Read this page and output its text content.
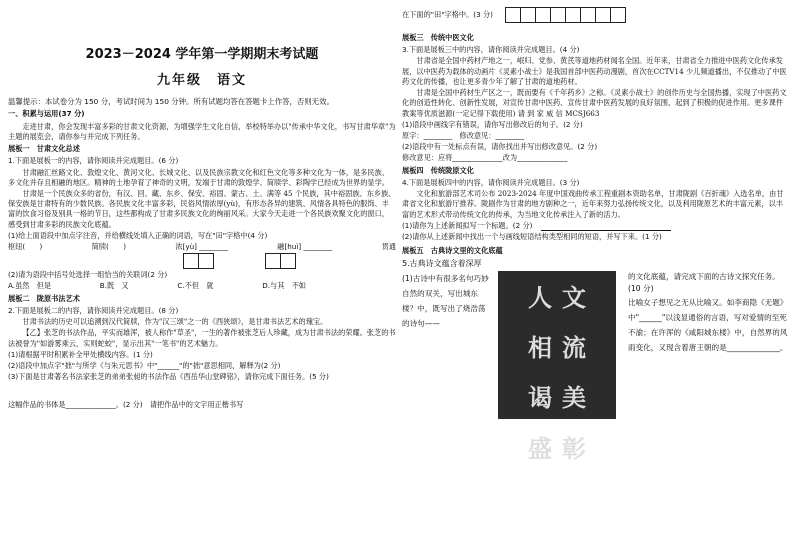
2023－2024 学年第一学期期末考试题
九年级　语文
温馨提示：本试卷分为 150 分，考试时间为 150 分钟。所有试题均答在答题卡上作答，否则无效。
一、积累与运用(37 分)
走进甘肃，你会发现丰富多彩的甘肃文化资源，为增强学生文化自信，举校特举办以"传承中华文化，书写甘肃华章"为主题的展览会，请你参与并完成下列任务。
展板一　甘肃文化总述
1.下面是展板一的内容，请你阅读并完成题目。(6 分)
甘肃融汇丝路文化、敦煌文化、黄河文化、长城文化、以及民族宗教文化和红色文化等多种文化为一体，是多民族、多文化并存且相融的地区。精神的土地孕育了神奇的文明，发端于甘肃的敦煌学、简牍学、彩陶学已经成为世界的显学。
甘肃是一个民族众多的省份，有汉、回、藏、东乡、保安、裕固、蒙古、土、满等 45 个民族，其中裕固族、东乡族、保安族是甘肃特有的少数民族。各民族文化丰富多彩，民俗风情浓厚(yù)，有形态各异的建筑、风情各具特色的服饰、丰富的饮食习俗及别具一格的节日，这些都构成了甘肃多民族文化的绚丽风采。大家今天走进一个各民族欢聚文化的窗口，感受到甘肃多彩的民族文化底蕴。
(1)给上面语段中加点字注音，并给横线处填入正确的词语，写在"田"字格中(4 分)
枢纽(　　)	简牍(　　)	浓[yù] ________	融[huì] ________	贯通

(2)请为语段中括号处选择一组恰当的关联词(2 分)
A.虽然　但是	B.既　又	C.不但　就	D.与其　不如
展板二　陇原书法艺术
2.下面是展板二的内容，请你阅读并完成题目。(8 分)
甘肃书法的历史可以追溯到汉代简牍，作为"汉三颂"之一的《西狭颂》，是甘肃书法艺术的瑰宝。
【乙】张芝的书法作品，平实而雄浑，被人称作"草圣"，一生的著作被张芝后人珍藏，成为甘肃书法的荣耀。张芝的书法被誉为"如游雾乘云，实则蛇蛟"，显示出其"一笔书"的艺术魅力。
(1)请根据平时积累补全甲处横线内容。(1 分)
(2)语段中加点字"拙"与所学《与朱元思书》中"______"的"拙"意思相同，解释为(2 分)
(3)下面是甘肃著名书法家张芝的弟弟张昶的书法作品《西岳华山堂碑铭》，请你完成下面任务。(5 分)
这幅作品的书体是______________。(2 分)　请把作品中的文字用正楷书写
在下面的"田"字格中。(3 分)
展板三　传统中医文化
3.下面是展板三中的内容，请你阅读并完成题目。(4 分)
甘肃省是全国中药材产地之一，岷归、党参、黄芪等道地药材闻名全国。近年来，甘肃省全力推进中医药文化传承发展，以中医药为载体的动画片《灵素小战士》是我国首部中医药动漫剧，首次在CCTV14 少儿频道播出，不仅推动了中医药文化的传播，也让更多青少年了解了甘肃的道地药材。
甘肃是全国中药材生产区之一，既而要有《千年药乡》之称。《灵素小战士》的创作历史与全国热播，实现了中医药文化的创造性转化、创新性发展，对宣传甘肃中医药、宣传甘肃中医药发展的良好氛围，起到了积极的促进作用。更多课件教案等优质滋源(一定记得下载使用) 请 到 家 威 信 MCSJ663
(1)语段中画线字有错误，请你写出修改后的句子。(2 分)
原字：________　修改意见：________
(2)语段中有一处标点有误，请你找出并写出修改意见。(2 分)
修改意见：应将______________改为______________
展板四　传统陇原文化
4.下面是展板四中的内容，请你阅读并完成题目。(3 分)
文化和旅游部艺术司公布 2023-2024 年度中国戏曲传承工程重剧本资助名单，甘肃陇剧《百折魂》入选名单，由甘肃省文化和旅游厅推荐。陇剧作为甘肃的地方剧种之一，近年来努力弘扬传统文化，以及利用陇原艺术的丰富元素，以丰富的艺术形式带动传统文化的传承，为当地文化传承注入了新的活力。
(1)请你为上述新闻拟写一个标题。(2 分)
(2)请你从上述新闻中找出一个与画线短语结构类型相同的短语，并写下来。(1 分)
展板五　古典诗文里的文化底蕴
5.古典诗文蕴含着深厚
(1)古诗中有很多名句巧妙自然的双关，写出城东楼？中，既写出了烧浩荡的诗句——
人 文
相 流
谒 美
盛 彰
的文化底蕴，请完成下面的古诗文探究任务。(10 分)
比喻女子想见之无从比喻又。如李商隐《无题》中"______"以浅显通俗的言语，写对爱情的至死不渝；在许浑的《咸阳城东楼》中，自然界的风雨变化，又现含着唐王朝的是______________。
